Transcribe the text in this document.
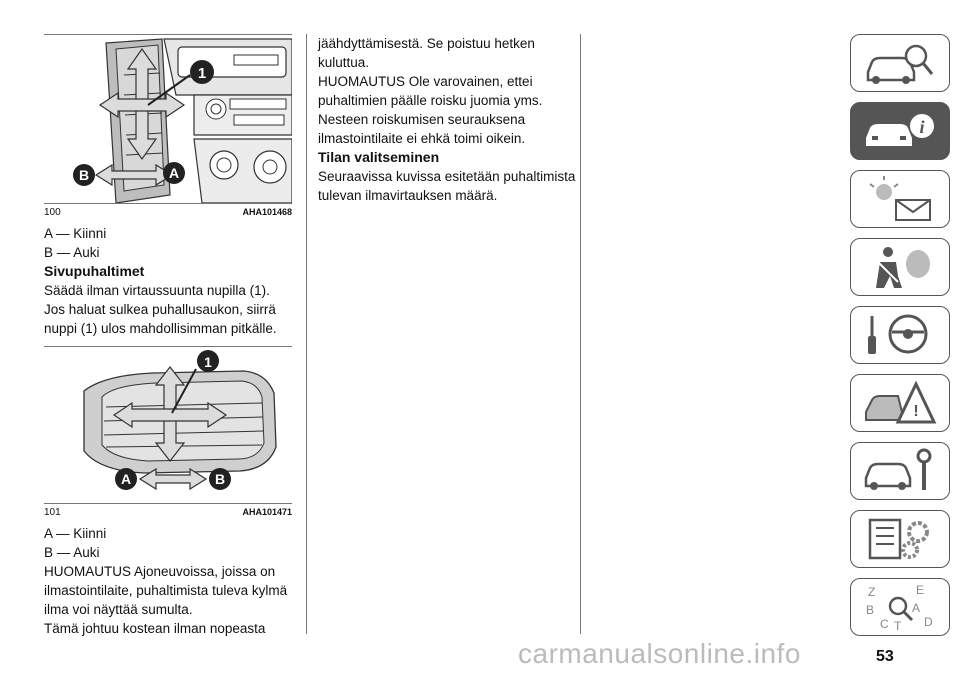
1
B	A
100	AHA101468

A — Kiinni

B — Auki

Sivupuhaltimet

Säädä ilman virtaussuunta nupilla (1).

Jos haluat sulkea puhallusaukon, siirrä nuppi (1) ulos mahdollisimman pitkälle.

1
A	B
101	AHA101471

A — Kiinni

B — Auki

HUOMAUTUS Ajoneuvoissa, joissa on ilmastointilaite, puhaltimista tuleva kylmä ilma voi näyttää sumulta.

Tämä johtuu kostean ilman nopeasta

jäähdyttämisestä. Se poistuu hetken kuluttua.

HUOMAUTUS Ole varovainen, ettei puhaltimien päälle roisku juomia yms. Nesteen roiskumisen seurauksena ilmastointilaite ei ehkä toimi oikein.

Tilan valitseminen

Seuraavissa kuvissa esitetään puhaltimista tulevan ilmavirtauksen määrä.

i
!
Z	E
B	A
C T D
carmanualsonline.info	53
